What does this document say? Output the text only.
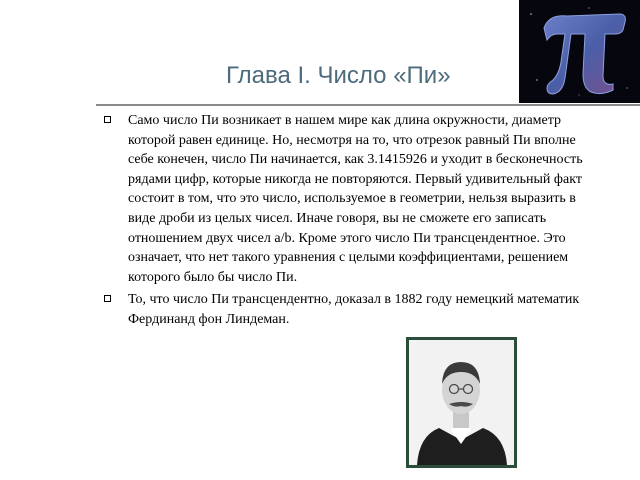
Глава I. Число «Пи»
Само число Пи возникает в нашем мире как длина окружности, диаметр которой равен единице. Но, несмотря на то, что отрезок равный Пи вполне себе конечен, число Пи начинается, как 3.1415926 и уходит в бесконечность рядами цифр, которые никогда не повторяются. Первый удивительный факт состоит в том, что это число, используемое в геометрии, нельзя выразить в виде дроби из целых чисел. Иначе говоря, вы не сможете его записать отношением двух чисел a/b. Кроме этого число Пи трансцендентное. Это означает, что нет такого уравнения с целыми коэффициентами, решением которого было бы число Пи.
То, что число Пи трансцендентно, доказал в 1882 году немецкий математик Фердинанд фон Линдеман.
